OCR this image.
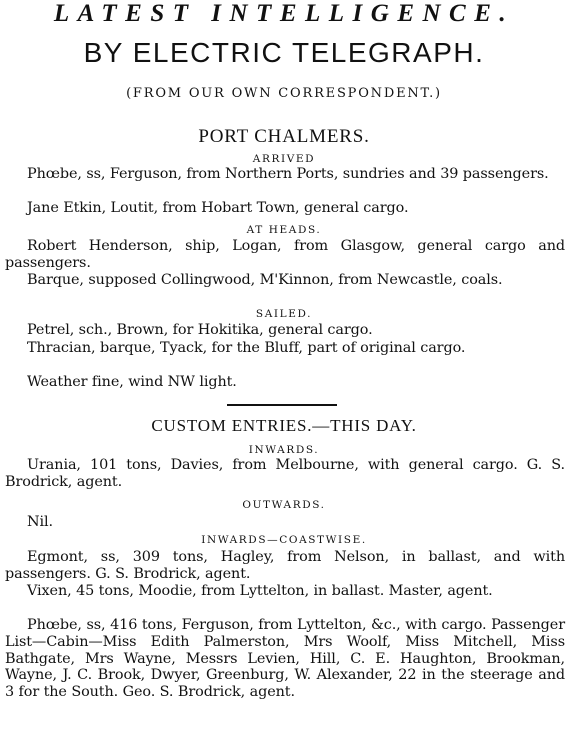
LATEST INTELLIGENCE.
BY ELECTRIC TELEGRAPH.
(FROM OUR OWN CORRESPONDENT.)
PORT CHALMERS.
ARRIVED

Phœbe, ss, Ferguson, from Northern Ports, sundries and 39 passengers.

Jane Etkin, Loutit, from Hobart Town, general cargo.

AT HEADS.

Robert Henderson, ship, Logan, from Glasgow, general cargo and passengers.

Barque, supposed Collingwood, M'Kinnon, from Newcastle, coals.

SAILED.

Petrel, sch., Brown, for Hokitika, general cargo.

Thracian, barque, Tyack, for the Bluff, part of original cargo.

Weather fine, wind NW light.

CUSTOM ENTRIES.—THIS DAY.
INWARDS.

Urania, 101 tons, Davies, from Melbourne, with general cargo. G. S. Brodrick, agent.

OUTWARDS.

Nil.

INWARDS—COASTWISE.

Egmont, ss, 309 tons, Hagley, from Nelson, in ballast, and with passengers. G. S. Brodrick, agent.

Vixen, 45 tons, Moodie, from Lyttelton, in ballast. Master, agent.

Phœbe, ss, 416 tons, Ferguson, from Lyttelton, &c., with cargo. Passenger List—Cabin—Miss Edith Palmerston, Mrs Woolf, Miss Mitchell, Miss Bathgate, Mrs Wayne, Messrs Levien, Hill, C. E. Haughton, Brookman, Wayne, J. C. Brook, Dwyer, Greenburg, W. Alexander, 22 in the steerage and 3 for the South. Geo. S. Brodrick, agent.
